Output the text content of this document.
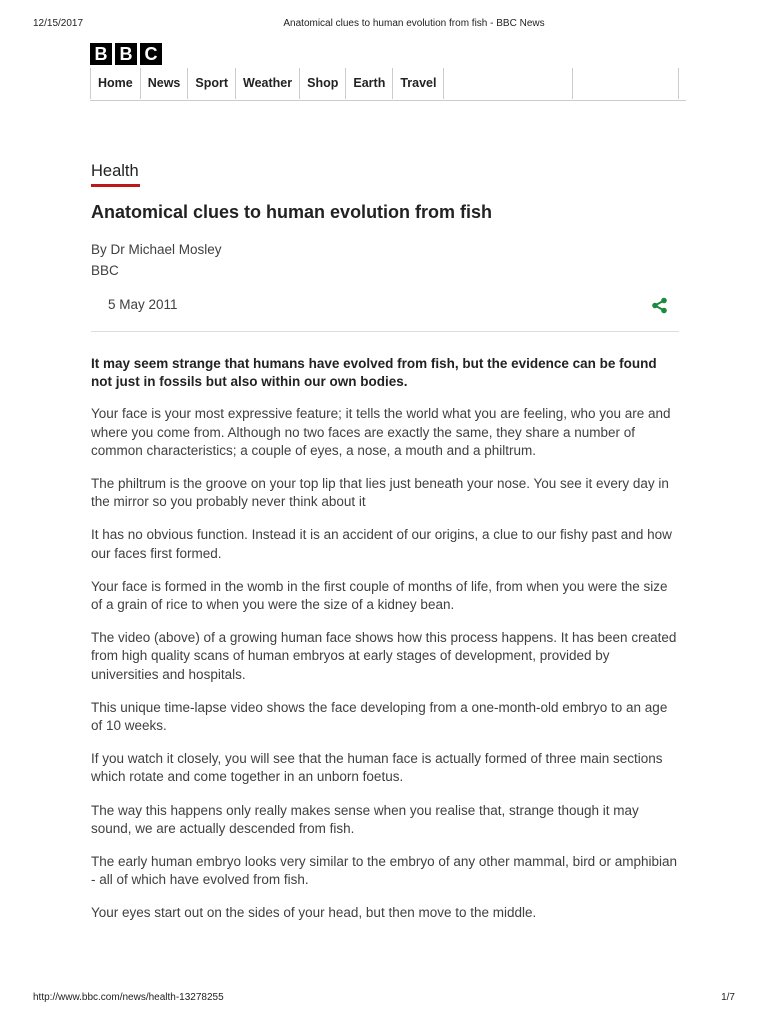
12/15/2017	Anatomical clues to human evolution from fish - BBC News
B B C
Home	News	Sport	Weather	Shop	Earth	Travel
Health
Anatomical clues to human evolution from fish
By Dr Michael Mosley
BBC
5 May 2011

It may seem strange that humans have evolved from fish, but the evidence can be found not just in fossils but also within our own bodies.

Your face is your most expressive feature; it tells the world what you are feeling, who you are and where you come from. Although no two faces are exactly the same, they share a number of common characteristics; a couple of eyes, a nose, a mouth and a philtrum.

The philtrum is the groove on your top lip that lies just beneath your nose. You see it every day in the mirror so you probably never think about it

It has no obvious function. Instead it is an accident of our origins, a clue to our fishy past and how our faces first formed.

Your face is formed in the womb in the first couple of months of life, from when you were the size of a grain of rice to when you were the size of a kidney bean.

The video (above) of a growing human face shows how this process happens. It has been created from high quality scans of human embryos at early stages of development, provided by universities and hospitals.

This unique time-lapse video shows the face developing from a one-month-old embryo to an age of 10 weeks.

If you watch it closely, you will see that the human face is actually formed of three main sections which rotate and come together in an unborn foetus.

The way this happens only really makes sense when you realise that, strange though it may sound, we are actually descended from fish.

The early human embryo looks very similar to the embryo of any other mammal, bird or amphibian - all of which have evolved from fish.

Your eyes start out on the sides of your head, but then move to the middle.

http://www.bbc.com/news/health-13278255	1/7
